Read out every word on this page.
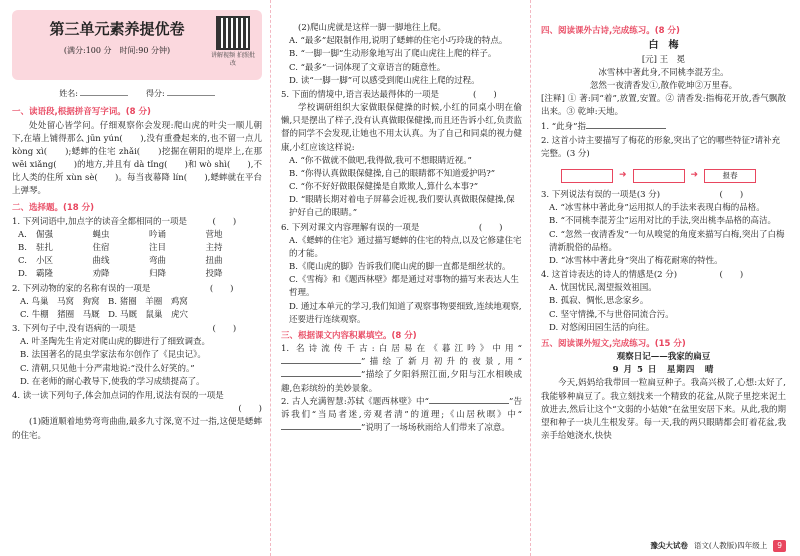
第三单元素养提优卷
(满分:100 分　时间:90 分钟)
讲解视频 拍照批改
姓名:	得分:
一、读语段,根据拼音写字词。(8 分)

处处留心皆学问。仔细观察你会发现:爬山虎的叶尖一顺儿朝下,在墙上铺得那么 jūn yún(　　),没有重叠起来的,也不留一点儿 kòng xì(　　);蟋蟀的住宅 zhǎi(　　)挖掘在朝阳的堤岸上,在那 wēi xiǎng(　　)的地方,并且有 dà tǐng(　　)和 wò shì(　　),不比人类的住所 xùn sè(　　)。每当夜幕降 lín(　　),蟋蟀就在平台上弹琴。

二、选择题。(18 分)
1. 下列词语中,加点字的读音全都相同的一项是　　　(　　)
A.	倔强	蝇虫	吟诵	营地
B.	驻扎	住宿	注目	主持
C.	小区	曲线	弯曲	扭曲
D.	霸隆	劝降	归降	投降
2. 下列动物的家的名称有误的一项是　　　　　　　(　　)
A. 鸟巢　马窝　狗窝　B. 猪圈　羊圈　鸡窝
C. 牛棚　猪圈　马厩　D. 马厩　鼠巢　虎穴
3. 下列句子中,没有语病的一项是　　　　　　　　　(　　)
A. 叶圣陶先生肯定对爬山虎的脚进行了细致调查。
B. 法国著名的昆虫学家法布尔创作了《昆虫记》。
C. 清朝,只见他十分严肃地说:“没什么好笑的。”
D. 在老师的耐心教导下,使我的学习成绩提高了。
4. 读一读下列句子,体会加点词的作用,说法有误的一项是
(　　)

(1)随道顺着地势弯弯曲曲,最多九寸深,宽不过一指,这便是蟋蟀的住宅。

(2)爬山虎就是这样一脚一脚地往上爬。

A. “最多”起限制作用,说明了蟋蟀的住宅小巧玲珑的特点。
B. “一脚一脚”生动形象地写出了爬山虎往上爬的样子。
C. “最多”一词体现了文章语言的随意性。
D. 读“一脚一脚”可以感受到爬山虎往上爬的过程。
5. 下面的情境中,语言表达最得体的一项是　　　　(　　)

学校调研组织大家做眼保健操的时候,小红的同桌小明在偷懒,只是摆出了样子,没有认真做眼保健操,而且还告诉小红,负责监督的同学不会发现,让她也不用太认真。为了自己和同桌的视力健康,小红应该这样说:

A. “你不做就不做吧,我得做,我可不想眼睛近视。”
B. “你得认真做眼保健操,自己的眼睛都不知道爱护吗?”
C. “你不好好做眼保健操是自欺欺人,算什么本事?”
D. “眼睛长期对着电子屏幕会近视,我们要认真做眼保健操,保护好自己的眼睛。”
6. 下列对课文内容理解有误的一项是　　　　　　　(　　)
A.《蟋蟀的住宅》通过描写蟋蟀的住宅的特点,以及它修建住宅的才能。
B.《爬山虎的脚》告诉我们爬山虎的脚一直都是细丝状的。
C.《雪梅》和《题西林壁》都是通过对事物的描写来表达人生哲理。
D. 通过本单元的学习,我们知道了观察事物要细致,连续地观察,还要进行连续观察。
三、根据课文内容积累填空。(8 分)

1. 名诗流传千古:白居易在《暮江吟》中用“”描绘了新月初升的夜景,用“”描绘了夕阳斜照江面,夕阳与江水相映成趣,色彩缤纷的美妙景象。

2. 古人充满智慧:苏轼《题西林壁》中“	”告诉我们“当局者迷,旁观者清”的道理;《山居秋暝》中“”说明了一场场秋雨给人们带来了凉意。

四、阅读课外古诗,完成练习。(8 分)
白　梅
[元] 王　冕
冰雪林中著此身,不同桃李混芳尘。
忽然一夜清香发①,散作乾坤②万里春。

[注释] ① 著:同“着”,放置,安置。② 清香发:指梅花开放,香气飘散出来。③ 乾坤:天地。

1. “此身”指
2. 这首小诗主要描写了梅花的形象,突出了它的哪些特征?请补充完整。(3 分)
➜	➜	报春
3. 下列说法有误的一项是(3 分)　　　　　　　(　　)
A. “冰雪林中著此身”运用拟人的手法来表现白梅的品格。
B. “不同桃李混芳尘”运用对比的手法,突出桃李品格的高洁。
C. “忽然一夜清香发”一句从嗅觉的角度来描写白梅,突出了白梅清新脱俗的品格。
D. “冰雪林中著此身”突出了梅花耐寒的特性。
4. 这首诗表达的诗人的情感是(2 分)　　　　　(　　)
A. 忧国忧民,渴望报效祖国。
B. 孤寂、惆怅,思念家乡。
C. 坚守情操,不与世俗同流合污。
D. 对悠闲田园生活的向往。
五、阅读课外短文,完成练习。(15 分)
观察日记——我家的扁豆
9 月 5 日　星期四　晴

今天,妈妈给我带回一粒扁豆种子。我高兴极了,心想:太好了,我能够种扁豆了。我立刻找来一个精致的花盆,从院子里挖来泥土放进去,然后让这个“文弱的小姑娘”在盆里安居下来。从此,我的期望和种子一块儿生根发芽。每一天,我的两只眼睛都会盯着花盆,我亲手给她浇水,快快

豫尖大试卷 语文(人教版)四年级上	9
